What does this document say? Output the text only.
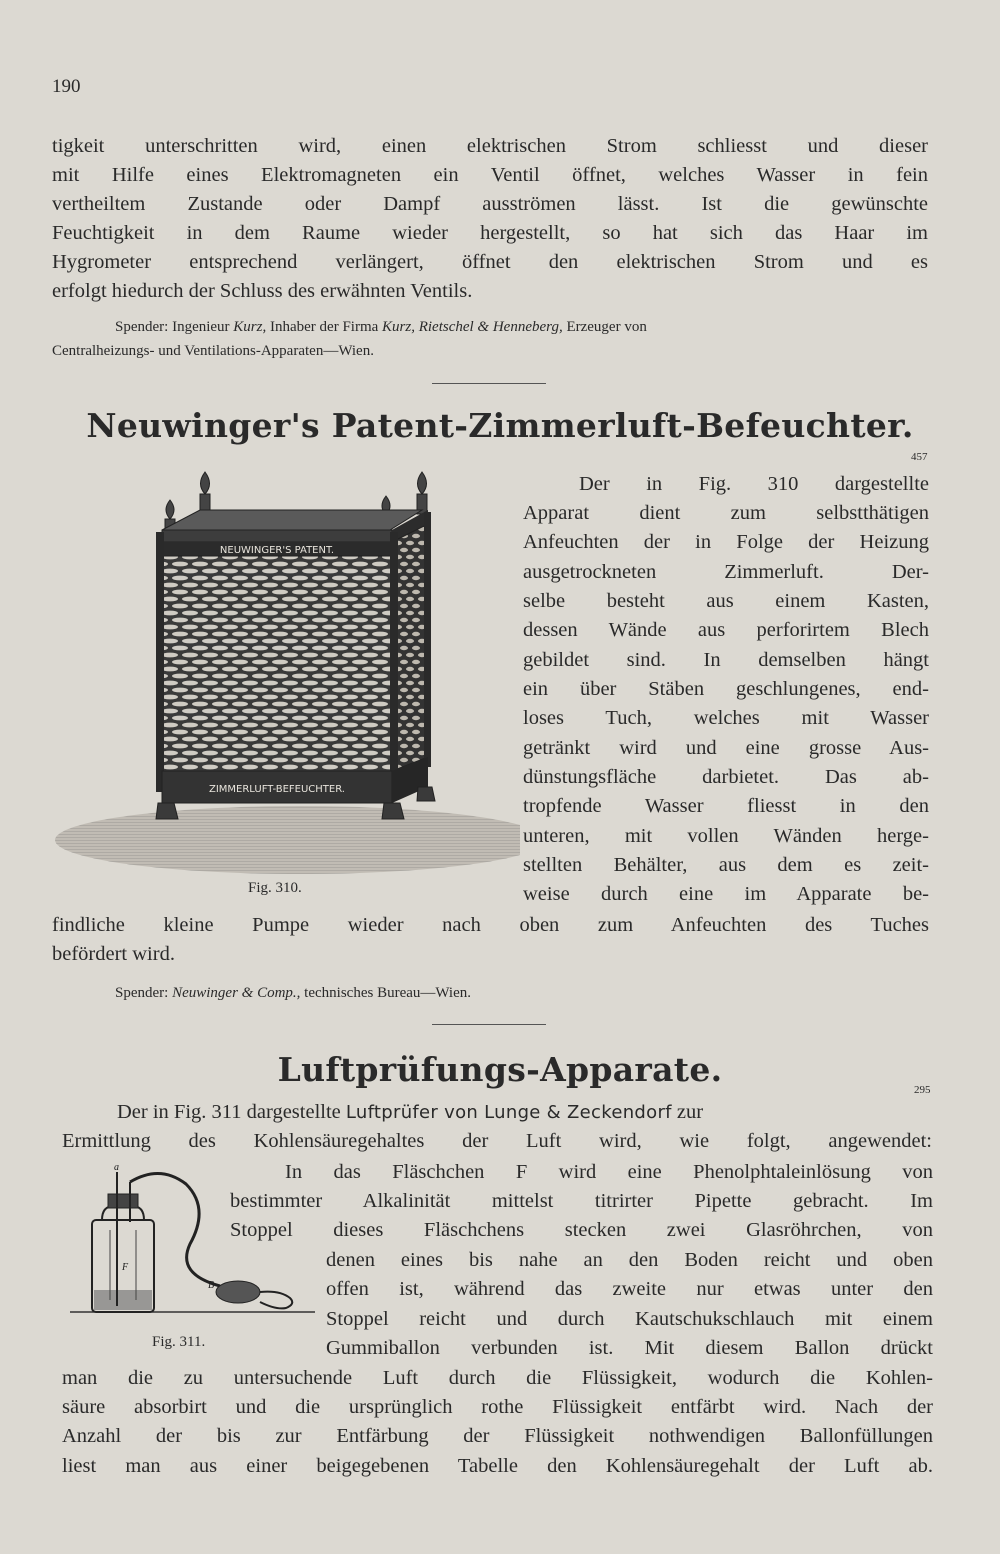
190
tigkeit unterschritten wird, einen elektrischen Strom schliesst und dieser
mit Hilfe eines Elektromagneten ein Ventil öffnet, welches Wasser in fein
vertheiltem Zustande oder Dampf ausströmen lässt. Ist die gewünschte
Feuchtigkeit in dem Raume wieder hergestellt, so hat sich das Haar im
Hygrometer entsprechend verlängert, öffnet den elektrischen Strom und es
erfolgt hiedurch der Schluss des erwähnten Ventils.
Spender: Ingenieur Kurz, Inhaber der Firma Kurz, Rietschel & Henneberg, Erzeuger von
Centralheizungs- und Ventilations-Apparaten—Wien.
Neuwinger's Patent-Zimmerluft-Befeuchter.
457
NEUWINGER'S PATENT.
ZIMMERLUFT-BEFEUCHTER.
Fig. 310.
Der in Fig. 310 dargestellte
Apparat dient zum selbstthätigen
Anfeuchten der in Folge der Heizung
ausgetrockneten Zimmerluft. Der-
selbe besteht aus einem Kasten,
dessen Wände aus perforirtem Blech
gebildet sind. In demselben hängt
ein über Stäben geschlungenes, end-
loses Tuch, welches mit Wasser
getränkt wird und eine grosse Aus-
dünstungsfläche darbietet. Das ab-
tropfende Wasser fliesst in den
unteren, mit vollen Wänden herge-
stellten Behälter, aus dem es zeit-
weise durch eine im Apparate be-
findliche kleine Pumpe wieder nach oben zum Anfeuchten des Tuches
befördert wird.
Spender: Neuwinger & Comp., technisches Bureau—Wien.
Luftprüfungs-Apparate.
295
Der in Fig. 311 dargestellte Luftprüfer von Lunge & Zeckendorf zur
Ermittlung des Kohlensäuregehaltes der Luft wird, wie folgt, angewendet:
In das Fläschchen F wird eine Phenolphtaleinlösung von
bestimmter Alkalinität mittelst titrirter Pipette gebracht. Im
Stoppel dieses Fläschchens stecken zwei Glasröhrchen, von
a
F
B
Fig. 311.
denen eines bis nahe an den Boden reicht und oben
offen ist, während das zweite nur etwas unter den
Stoppel reicht und durch Kautschukschlauch mit einem
Gummiballon verbunden ist. Mit diesem Ballon drückt
man die zu untersuchende Luft durch die Flüssigkeit, wodurch die Kohlen-
säure absorbirt und die ursprünglich rothe Flüssigkeit entfärbt wird. Nach der
Anzahl der bis zur Entfärbung der Flüssigkeit nothwendigen Ballonfüllungen
liest man aus einer beigegebenen Tabelle den Kohlensäuregehalt der Luft ab.
